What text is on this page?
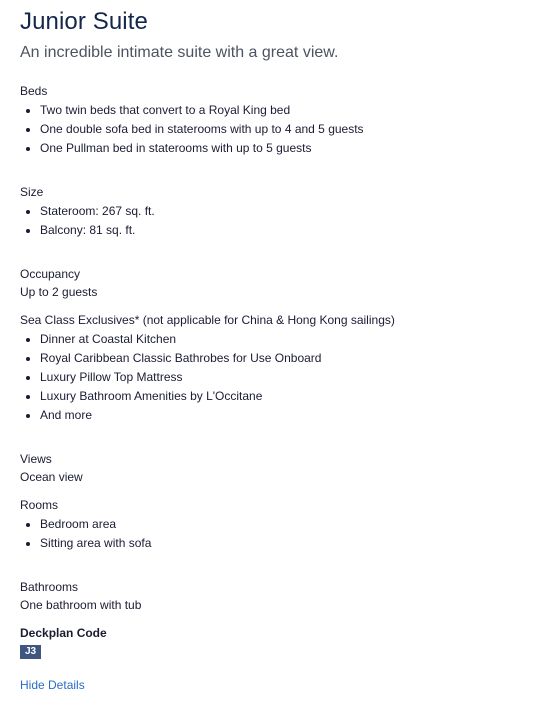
Junior Suite
An incredible intimate suite with a great view.
Beds
Two twin beds that convert to a Royal King bed
One double sofa bed in staterooms with up to 4 and 5 guests
One Pullman bed in staterooms with up to 5 guests
Size
Stateroom: 267 sq. ft.
Balcony: 81 sq. ft.
Occupancy
Up to 2 guests
Sea Class Exclusives* (not applicable for China & Hong Kong sailings)
Dinner at Coastal Kitchen
Royal Caribbean Classic Bathrobes for Use Onboard
Luxury Pillow Top Mattress
Luxury Bathroom Amenities by L'Occitane
And more
Views
Ocean view
Rooms
Bedroom area
Sitting area with sofa
Bathrooms
One bathroom with tub
Deckplan Code
J3
Hide Details
